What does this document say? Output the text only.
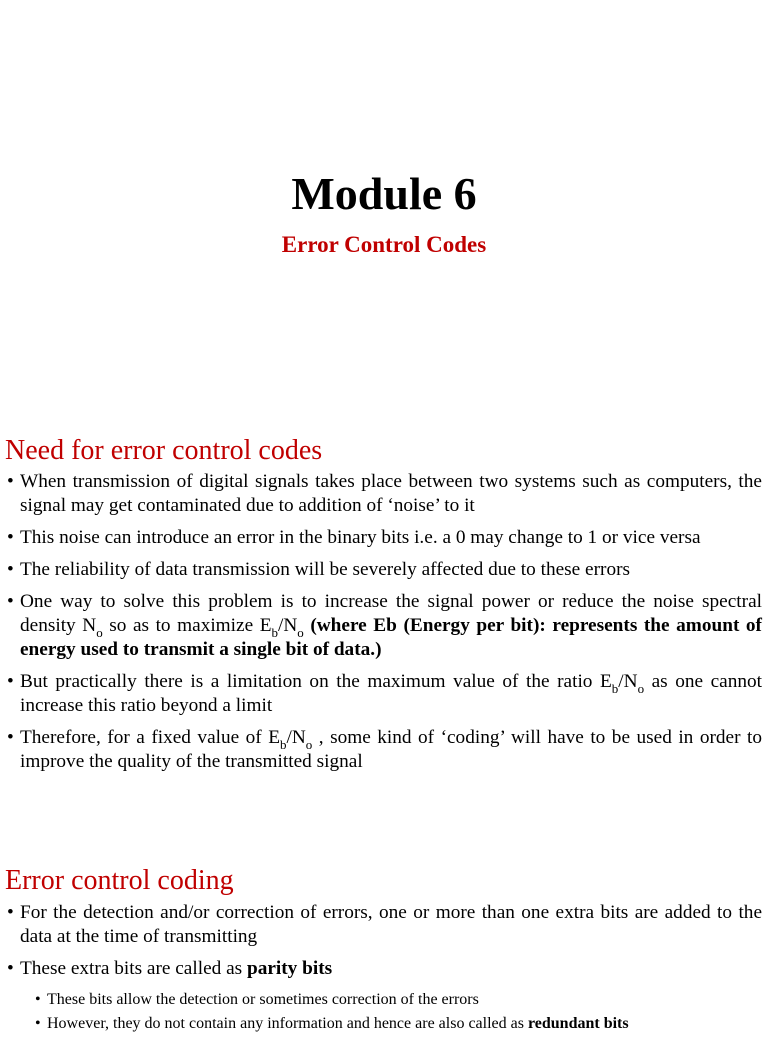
Module 6
Error Control Codes
Need for error control codes
• When transmission of digital signals takes place between two systems such as computers, the signal may get contaminated due to addition of ‘noise’ to it
• This noise can introduce an error in the binary bits i.e. a 0 may change to 1 or vice versa
• The reliability of data transmission will be severely affected due to these errors
• One way to solve this problem is to increase the signal power or reduce the noise spectral density $N_o$ so as to maximize $E_b/N_o$ (where Eb (Energy per bit): represents the amount of energy used to transmit a single bit of data.)
• But practically there is a limitation on the maximum value of the ratio $E_b/N_o$ as one cannot increase this ratio beyond a limit
• Therefore, for a fixed value of $E_b/N_o$ , some kind of ‘coding’ will have to be used in order to improve the quality of the transmitted signal
Error control coding
• For the detection and/or correction of errors, one or more than one extra bits are added to the data at the time of transmitting
• These extra bits are called as parity bits
• These bits allow the detection or sometimes correction of the errors
• However, they do not contain any information and hence are also called as redundant bits
